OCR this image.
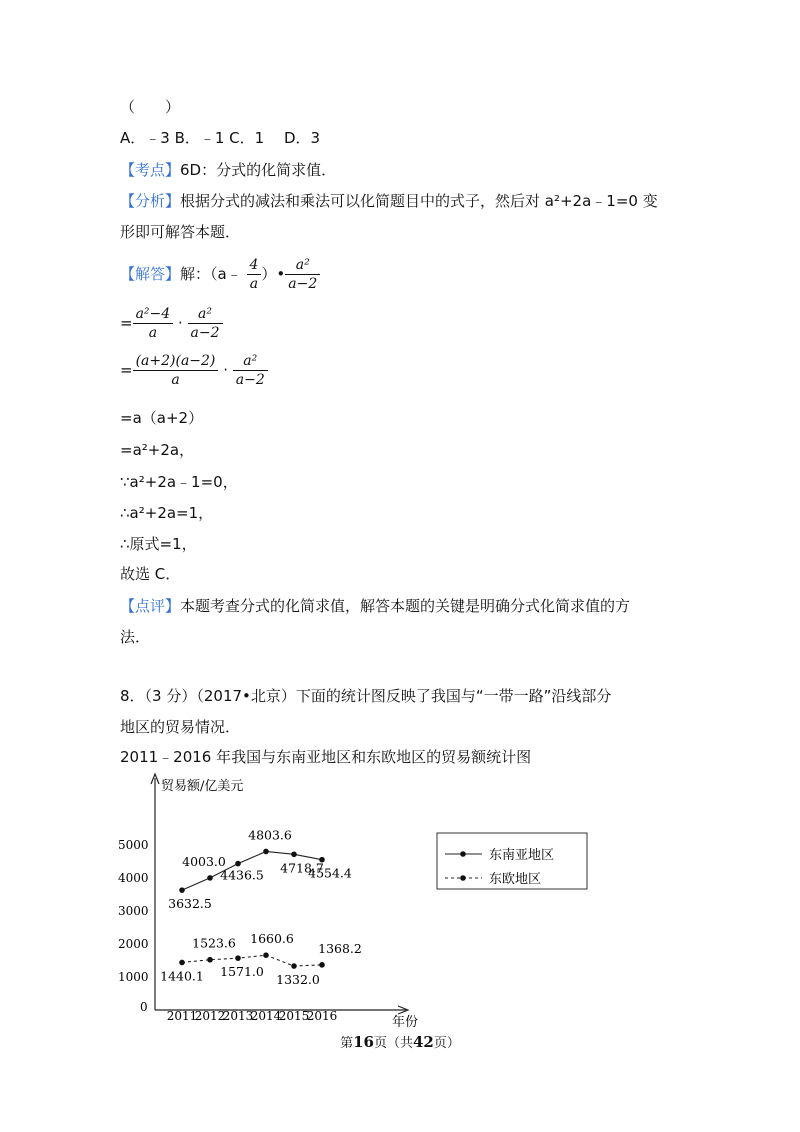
（　　）
A．﹣3 B．﹣1 C．1　 D．3
【考点】6D：分式的化简求值．
【分析】根据分式的减法和乘法可以化简题目中的式子，然后对 a²+2a﹣1=0 变
形即可解答本题．
【解答】解：（a﹣ $\frac{4}{a}$ ）• $\frac{\text{a²}}{a-2}$
= $\frac{\text{a²−4}}{a} \cdot \frac{\text{a²}}{a-2}$
= $\frac{(a+2)(a-2)}{a} \cdot \frac{\text{a²}}{a-2}$
=a（a+2）
=a²+2a，
∵a²+2a﹣1=0，
∴a²+2a=1，
∴原式=1，
故选 C．
【点评】本题考查分式的化简求值，解答本题的关键是明确分式化简求值的方
法．
8．（3 分）（2017•北京）下面的统计图反映了我国与“一带一路”沿线部分
地区的贸易情况．
2011﹣2016 年我国与东南亚地区和东欧地区的贸易额统计图
贸易额/亿美元
年份
0
1000
2000
3000
4000
5000
2011
2012
2013
2014
2015
2016
3632.5
4003.0
4436.5
4803.6
4718.7
4554.4
1440.1
1523.6
1571.0
1660.6
1332.0
1368.2
东南亚地区
东欧地区
第16页（共42页）
